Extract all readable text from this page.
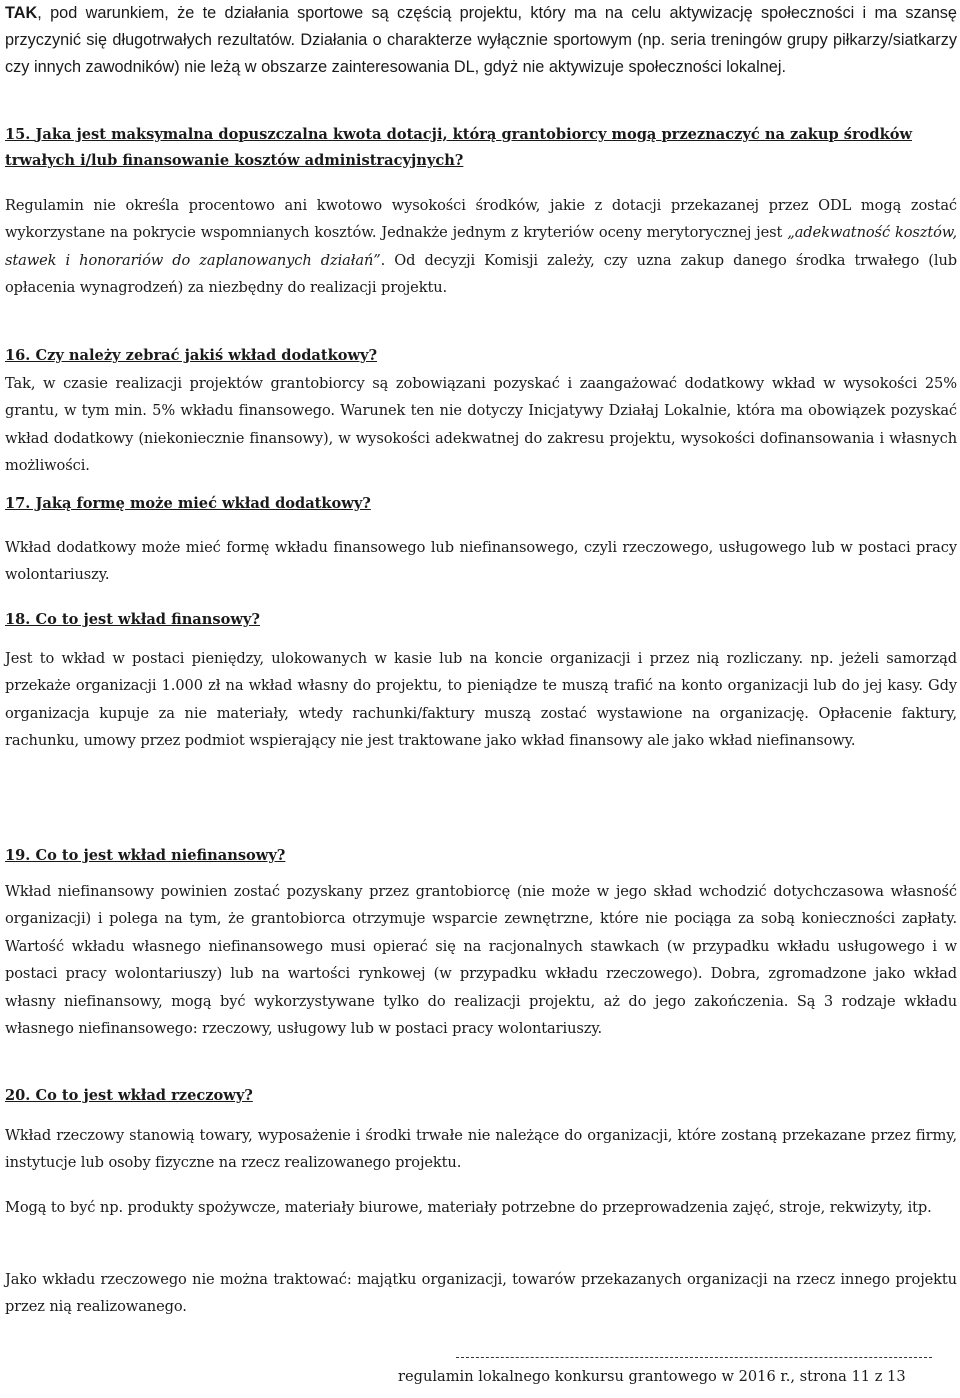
TAK, pod warunkiem, że te działania sportowe są częścią projektu, który ma na celu aktywizację społeczności i ma szansę przyczynić się długotrwałych rezultatów. Działania o charakterze wyłącznie sportowym (np. seria treningów grupy piłkarzy/siatkarzy czy innych zawodników) nie leżą w obszarze zainteresowania DL, gdyż nie aktywizuje społeczności lokalnej.

15. Jaka jest maksymalna dopuszczalna kwota dotacji, którą grantobiorcy mogą przeznaczyć na zakup środków trwałych i/lub finansowanie kosztów administracyjnych?

Regulamin nie określa procentowo ani kwotowo wysokości środków, jakie z dotacji przekazanej przez ODL mogą zostać wykorzystane na pokrycie wspomnianych kosztów. Jednakże jednym z kryteriów oceny merytorycznej jest „adekwatność kosztów, stawek i honorariów do zaplanowanych działań”. Od decyzji Komisji zależy, czy uzna zakup danego środka trwałego (lub opłacenia wynagrodzeń) za niezbędny do realizacji projektu.

16. Czy należy zebrać jakiś wkład dodatkowy?

Tak, w czasie realizacji projektów grantobiorcy są zobowiązani pozyskać i zaangażować dodatkowy wkład w wysokości 25% grantu, w tym min. 5% wkładu finansowego. Warunek ten nie dotyczy Inicjatywy Działaj Lokalnie, która ma obowiązek pozyskać wkład dodatkowy (niekoniecznie finansowy), w wysokości adekwatnej do zakresu projektu, wysokości dofinansowania i własnych możliwości.

17. Jaką formę może mieć wkład dodatkowy?

Wkład dodatkowy może mieć formę wkładu finansowego lub niefinansowego, czyli rzeczowego, usługowego lub w postaci pracy wolontariuszy.

18. Co to jest wkład finansowy?

Jest to wkład w postaci pieniędzy, ulokowanych w kasie lub na koncie organizacji i przez nią rozliczany. np. jeżeli samorząd przekaże organizacji 1.000 zł na wkład własny do projektu, to pieniądze te muszą trafić na konto organizacji lub do jej kasy. Gdy organizacja kupuje za nie materiały, wtedy rachunki/faktury muszą zostać wystawione na organizację. Opłacenie faktury, rachunku, umowy przez podmiot wspierający nie jest traktowane jako wkład finansowy ale jako wkład niefinansowy.

19. Co to jest wkład niefinansowy?

Wkład niefinansowy powinien zostać pozyskany przez grantobiorcę (nie może w jego skład wchodzić dotychczasowa własność organizacji) i polega na tym, że grantobiorca otrzymuje wsparcie zewnętrzne, które nie pociąga za sobą konieczności zapłaty. Wartość wkładu własnego niefinansowego musi opierać się na racjonalnych stawkach (w przypadku wkładu usługowego i w postaci pracy wolontariuszy) lub na wartości rynkowej (w przypadku wkładu rzeczowego). Dobra, zgromadzone jako wkład własny niefinansowy, mogą być wykorzystywane tylko do realizacji projektu, aż do jego zakończenia. Są 3 rodzaje wkładu własnego niefinansowego: rzeczowy, usługowy lub w postaci pracy wolontariuszy.

20. Co to jest wkład rzeczowy?

Wkład rzeczowy stanowią towary, wyposażenie i środki trwałe nie należące do organizacji, które zostaną przekazane przez firmy, instytucje lub osoby fizyczne na rzecz realizowanego projektu.

Mogą to być np. produkty spożywcze, materiały biurowe, materiały potrzebne do przeprowadzenia zajęć, stroje, rekwizyty, itp.

Jako wkładu rzeczowego nie można traktować: majątku organizacji, towarów przekazanych organizacji na rzecz innego projektu przez nią realizowanego.

regulamin lokalnego konkursu grantowego w 2016 r., strona 11 z 13
